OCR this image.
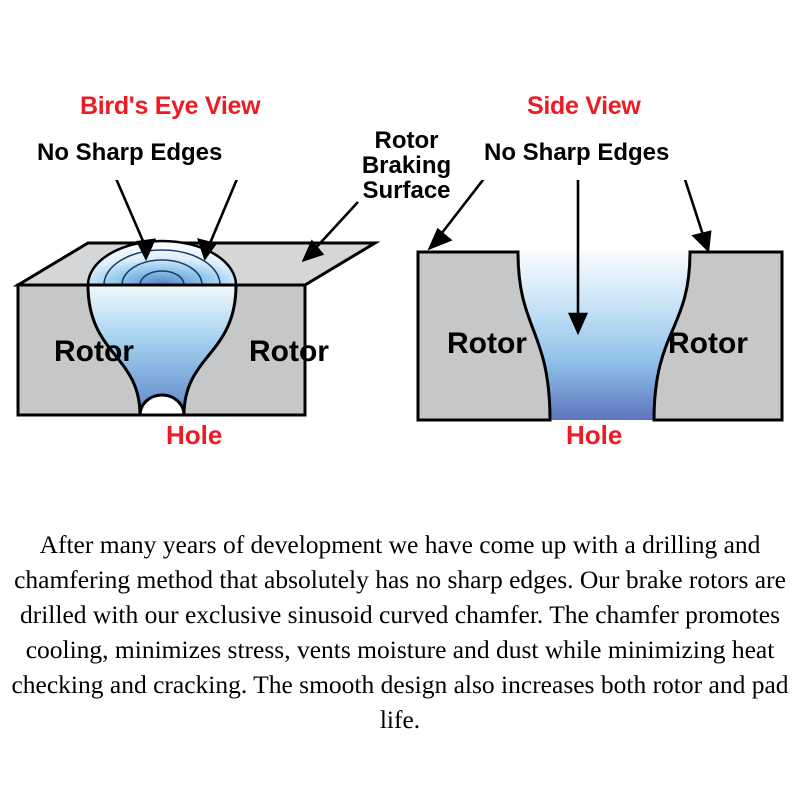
Bird's Eye View
No Sharp Edges	Rotor Braking Surface
Rotor	Rotor
Hole
Side View
No Sharp Edges
Rotor	Rotor
Hole
After many years of development we have come up with a drilling and chamfering method that absolutely has no sharp edges. Our brake rotors are drilled with our exclusive sinusoid curved chamfer. The chamfer promotes cooling, minimizes stress, vents moisture and dust while minimizing heat checking and cracking. The smooth design also increases both rotor and pad life.
